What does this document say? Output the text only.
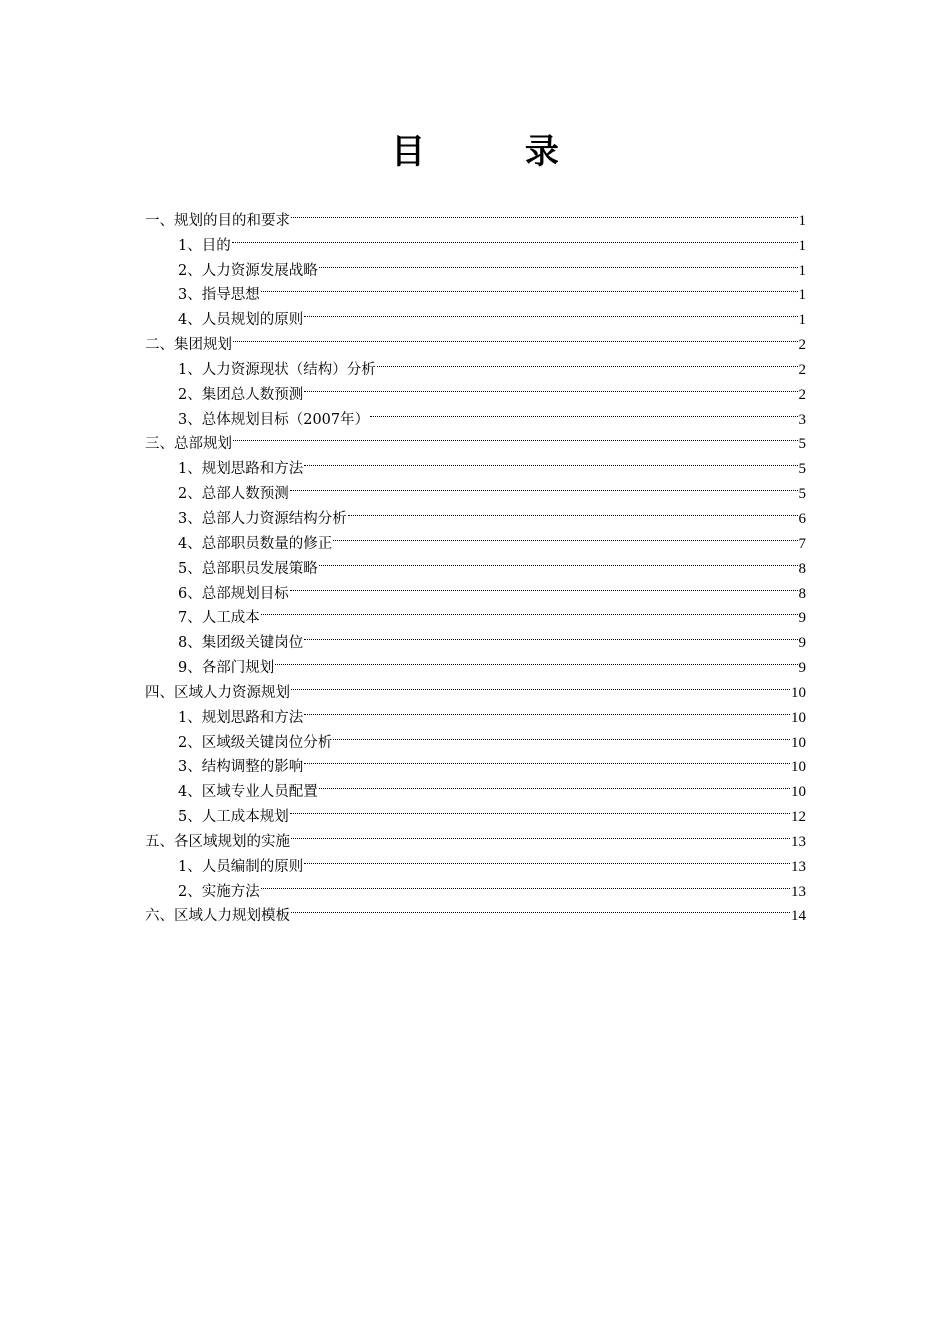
目 录
一、规划的目的和要求	1
1、目的	1
2、人力资源发展战略	1
3、指导思想	1
4、人员规划的原则	1
二、集团规划	2
1、人力资源现状（结构）分析	2
2、集团总人数预测	2
3、总体规划目标（2007年）	3
三、总部规划	5
1、规划思路和方法	5
2、总部人数预测	5
3、总部人力资源结构分析	6
4、总部职员数量的修正	7
5、总部职员发展策略	8
6、总部规划目标	8
7、人工成本	9
8、集团级关键岗位	9
9、各部门规划	9
四、区域人力资源规划	10
1、规划思路和方法	10
2、区域级关键岗位分析	10
3、结构调整的影响	10
4、区域专业人员配置	10
5、人工成本规划	12
五、各区域规划的实施	13
1、人员编制的原则	13
2、实施方法	13
六、区域人力规划模板	14
